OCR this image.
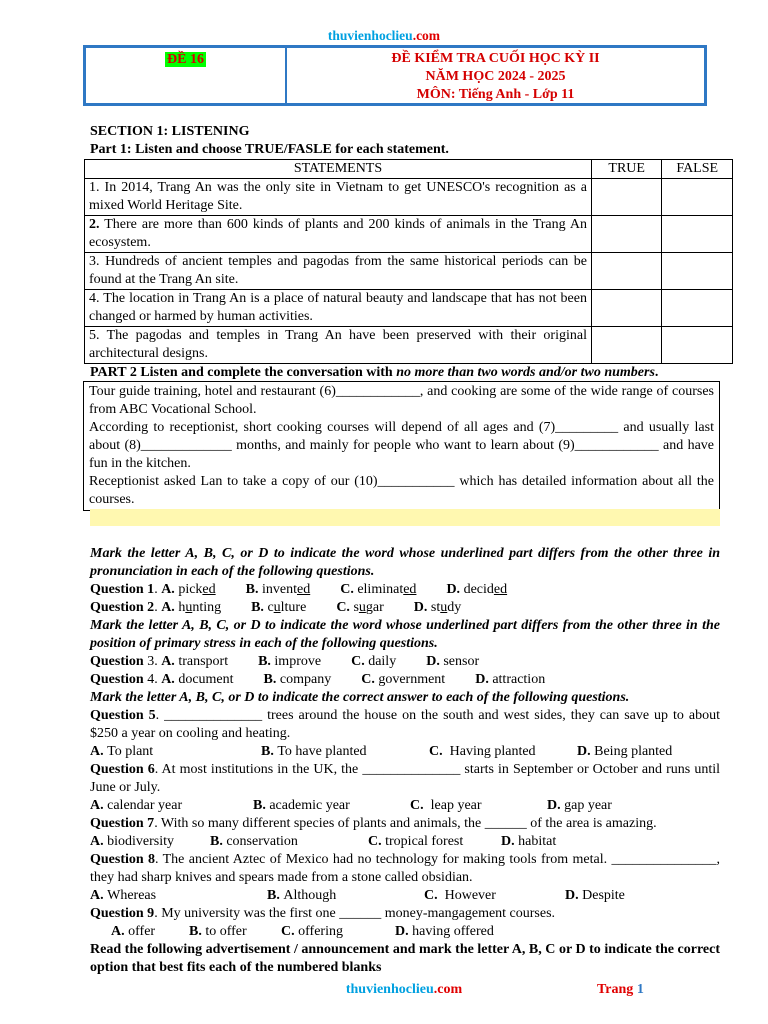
thuvienhoclieu.com
ĐỀ 16	ĐỀ KIỂM TRA CUỐI HỌC KỲ II
NĂM HỌC 2024 - 2025
MÔN: Tiếng Anh - Lớp 11
SECTION 1: LISTENING
Part 1: Listen and choose TRUE/FASLE for each statement.
STATEMENTS	TRUE	FALSE
1. In 2014, Trang An was the only site in Vietnam to get UNESCO's recognition as a mixed World Heritage Site.		
2. There are more than 600 kinds of plants and 200 kinds of animals in the Trang An ecosystem.		
3. Hundreds of ancient temples and pagodas from the same historical periods can be found at the Trang An site.		
4. The location in Trang An is a place of natural beauty and landscape that has not been changed or harmed by human activities.		
5. The pagodas and temples in Trang An have been preserved with their original architectural designs.		
PART 2 Listen and complete the conversation with no more than two words and/or two numbers.
Tour guide training, hotel and restaurant (6)____________, and cooking are some of the wide range of courses from ABC Vocational School.
According to receptionist, short cooking courses will depend of all ages and (7)_________ and usually last about (8)_____________ months, and mainly for people who want to learn about (9)____________ and have fun in the kitchen.
Receptionist asked Lan to take a copy of our (10)___________ which has detailed information about all the courses.
Mark the letter A, B, C, or D to indicate the word whose underlined part differs from the other three in pronunciation in each of the following questions.
Question 1. A. picked B. invented C. eliminated D. decided
Question 2. A. hunting B. culture C. sugar D. study
Mark the letter A, B, C, or D to indicate the word whose underlined part differs from the other three in the position of primary stress in each of the following questions.
Question 3. A. transport B. improve C. daily D. sensor
Question 4. A. document B. company C. government D. attraction
Mark the letter A, B, C, or D to indicate the correct answer to each of the following questions.
Question 5. ______________ trees around the house on the south and west sides, they can save up to about $250 a year on cooling and heating.
A. To plant	B. To have planted	C. Having planted	D. Being planted
Question 6. At most institutions in the UK, the ______________ starts in September or October and runs until June or July.
A. calendar year	B. academic year	C. leap year	D. gap year
Question 7. With so many different species of plants and animals, the ______ of the area is amazing.
A. biodiversity	B. conservation	C. tropical forest	D. habitat
Question 8. The ancient Aztec of Mexico had no technology for making tools from metal. _______________, they had sharp knives and spears made from a stone called obsidian.
A. Whereas	B. Although	C. However	D. Despite
Question 9. My university was the first one ______ money-mangagement courses.
A. offer	B. to offer	C. offering	D. having offered
Read the following advertisement / announcement and mark the letter A, B, C or D to indicate the correct option that best fits each of the numbered blanks
thuvienhoclieu.com	Trang 1
